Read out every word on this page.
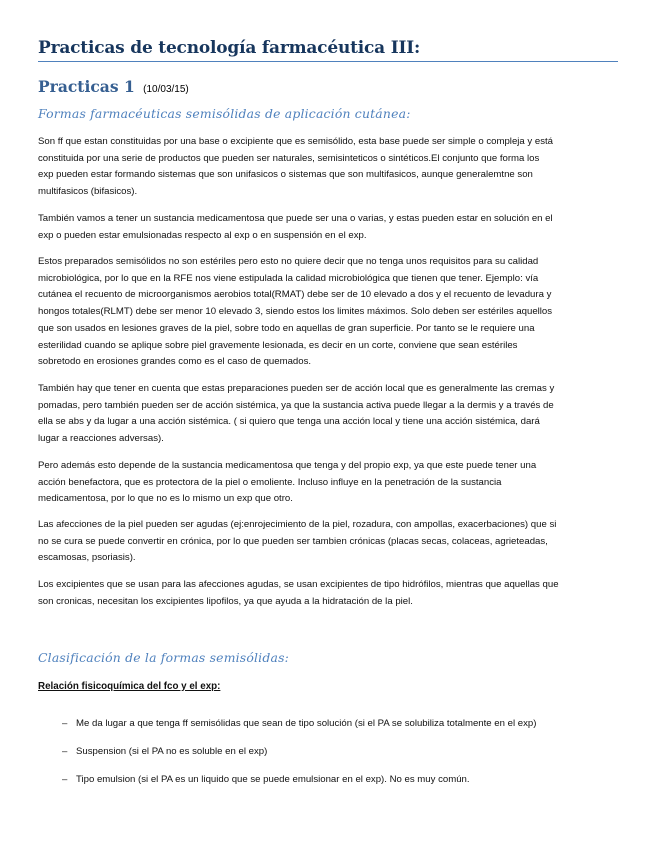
Practicas de tecnología farmacéutica III:
Practicas 1 (10/03/15)
Formas farmacéuticas semisólidas de aplicación cutánea:
Son ff que estan constituidas por una base o excipiente que es semisólido, esta base puede ser simple o compleja y está
constituida por una serie de productos que pueden ser naturales, semisinteticos o sintéticos.El conjunto que forma los
exp pueden estar formando sistemas que son unifasicos o sistemas que son multifasicos, aunque generalemtne son
multifasicos (bifasicos).
También vamos a tener un sustancia medicamentosa que puede ser una o varias, y estas pueden estar en solución en el
exp o pueden estar emulsionadas respecto al exp o en suspensión en el exp.
Estos preparados semisólidos no son estériles pero esto no quiere decir que no tenga unos requisitos para su calidad
microbiológica, por lo que en la RFE nos viene estipulada la calidad microbiológica que tienen que tener. Ejemplo: vía
cutánea el recuento de microorganismos aerobios total(RMAT) debe ser de 10 elevado a dos y el recuento de levadura y
hongos totales(RLMT) debe ser menor 10 elevado 3, siendo estos los limites máximos. Solo deben ser estériles aquellos
que son usados en lesiones graves de la piel, sobre todo en aquellas de gran superficie. Por tanto se le requiere una
esterilidad cuando se aplique sobre piel gravemente lesionada, es decir en un corte, conviene que sean estériles
sobretodo en erosiones grandes como es el caso de quemados.
También hay que tener en cuenta que estas preparaciones pueden ser de acción local que es generalmente las cremas y
pomadas, pero también pueden ser de acción sistémica, ya que la sustancia activa puede llegar a la dermis y a través de
ella se abs y da lugar a una acción sistémica. ( si quiero que tenga una acción local y tiene una acción sistémica, dará
lugar a reacciones adversas).
Pero además esto depende de la sustancia medicamentosa que tenga y del propio exp, ya que este puede tener una
acción benefactora, que es protectora de la piel o emoliente. Incluso influye en la penetración de la sustancia
medicamentosa, por lo que no es lo mismo un exp que otro.
Las afecciones de la piel pueden ser agudas (ej:enrojecimiento de la piel, rozadura, con ampollas, exacerbaciones) que si
no se cura se puede convertir en crónica, por lo que pueden ser tambien crónicas (placas secas, colaceas, agrieteadas,
escamosas, psoriasis).
Los excipientes que se usan para las afecciones agudas, se usan excipientes de tipo hidrófilos, mientras que aquellas que
son cronicas, necesitan los excipientes lipofilos, ya que ayuda a la hidratación de la piel.
Clasificación de la formas semisólidas:
Relación fisicoquímica del fco y el exp:
– Me da lugar a que tenga ff semisólidas que sean de tipo solución (si el PA se solubiliza totalmente en el exp)
– Suspension (si el PA no es soluble en el exp)
– Tipo emulsion (si el PA es un liquido que se puede emulsionar en el exp). No es muy común.
